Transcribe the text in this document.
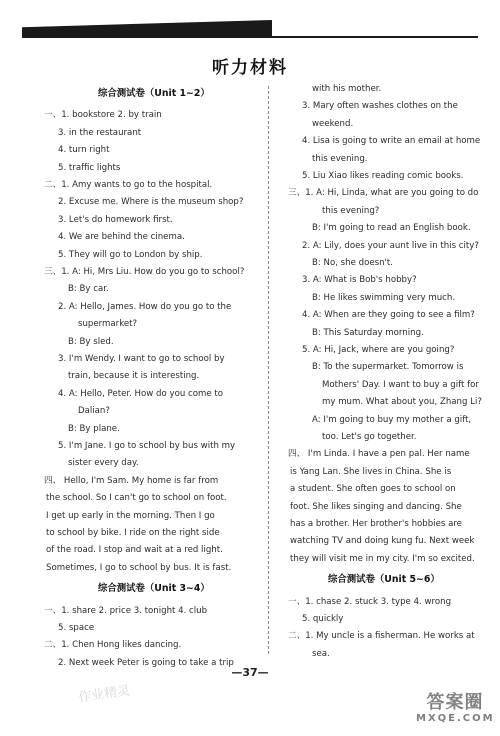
听力材料
综合测试卷（Unit 1~2）
一、1. bookstore 2. by train
3. in the restaurant
4. turn right
5. traffic lights
二、1. Amy wants to go to the hospital.
2. Excuse me. Where is the museum shop?
3. Let's do homework first.
4. We are behind the cinema.
5. They will go to London by ship.
三、1. A: Hi, Mrs Liu. How do you go to school?
B: By car.
2. A: Hello, James. How do you go to the
supermarket?
B: By sled.
3. I'm Wendy. I want to go to school by
train, because it is interesting.
4. A: Hello, Peter. How do you come to
Dalian?
B: By plane.
5. I'm Jane. I go to school by bus with my
sister every day.
四、 Hello, I'm Sam. My home is far from
the school. So I can't go to school on foot.
I get up early in the morning. Then I go
to school by bike. I ride on the right side
of the road. I stop and wait at a red light.
Sometimes, I go to school by bus. It is fast.
综合测试卷（Unit 3~4）
一、1. share 2. price 3. tonight 4. club
5. space
二、1. Chen Hong likes dancing.
2. Next week Peter is going to take a trip
with his mother.
3. Mary often washes clothes on the
weekend.
4. Lisa is going to write an email at home
this evening.
5. Liu Xiao likes reading comic books.
三、1. A: Hi, Linda, what are you going to do
this evening?
B: I'm going to read an English book.
2. A: Lily, does your aunt live in this city?
B: No, she doesn't.
3. A: What is Bob's hobby?
B: He likes swimming very much.
4. A: When are they going to see a film?
B: This Saturday morning.
5. A: Hi, Jack, where are you going?
B: To the supermarket. Tomorrow is
Mothers' Day. I want to buy a gift for
my mum. What about you, Zhang Li?
A: I'm going to buy my mother a gift,
too. Let's go together.
四、 I'm Linda. I have a pen pal. Her name
is Yang Lan. She lives in China. She is
a student. She often goes to school on
foot. She likes singing and dancing. She
has a brother. Her brother's hobbies are
watching TV and doing kung fu. Next week
they will visit me in my city. I'm so excited.
综合测试卷（Unit 5~6）
一、1. chase 2. stuck 3. type 4. wrong
5. quickly
二、1. My uncle is a fisherman. He works at
sea.
—37—
作业精灵	答案圈
MXQE.COM
